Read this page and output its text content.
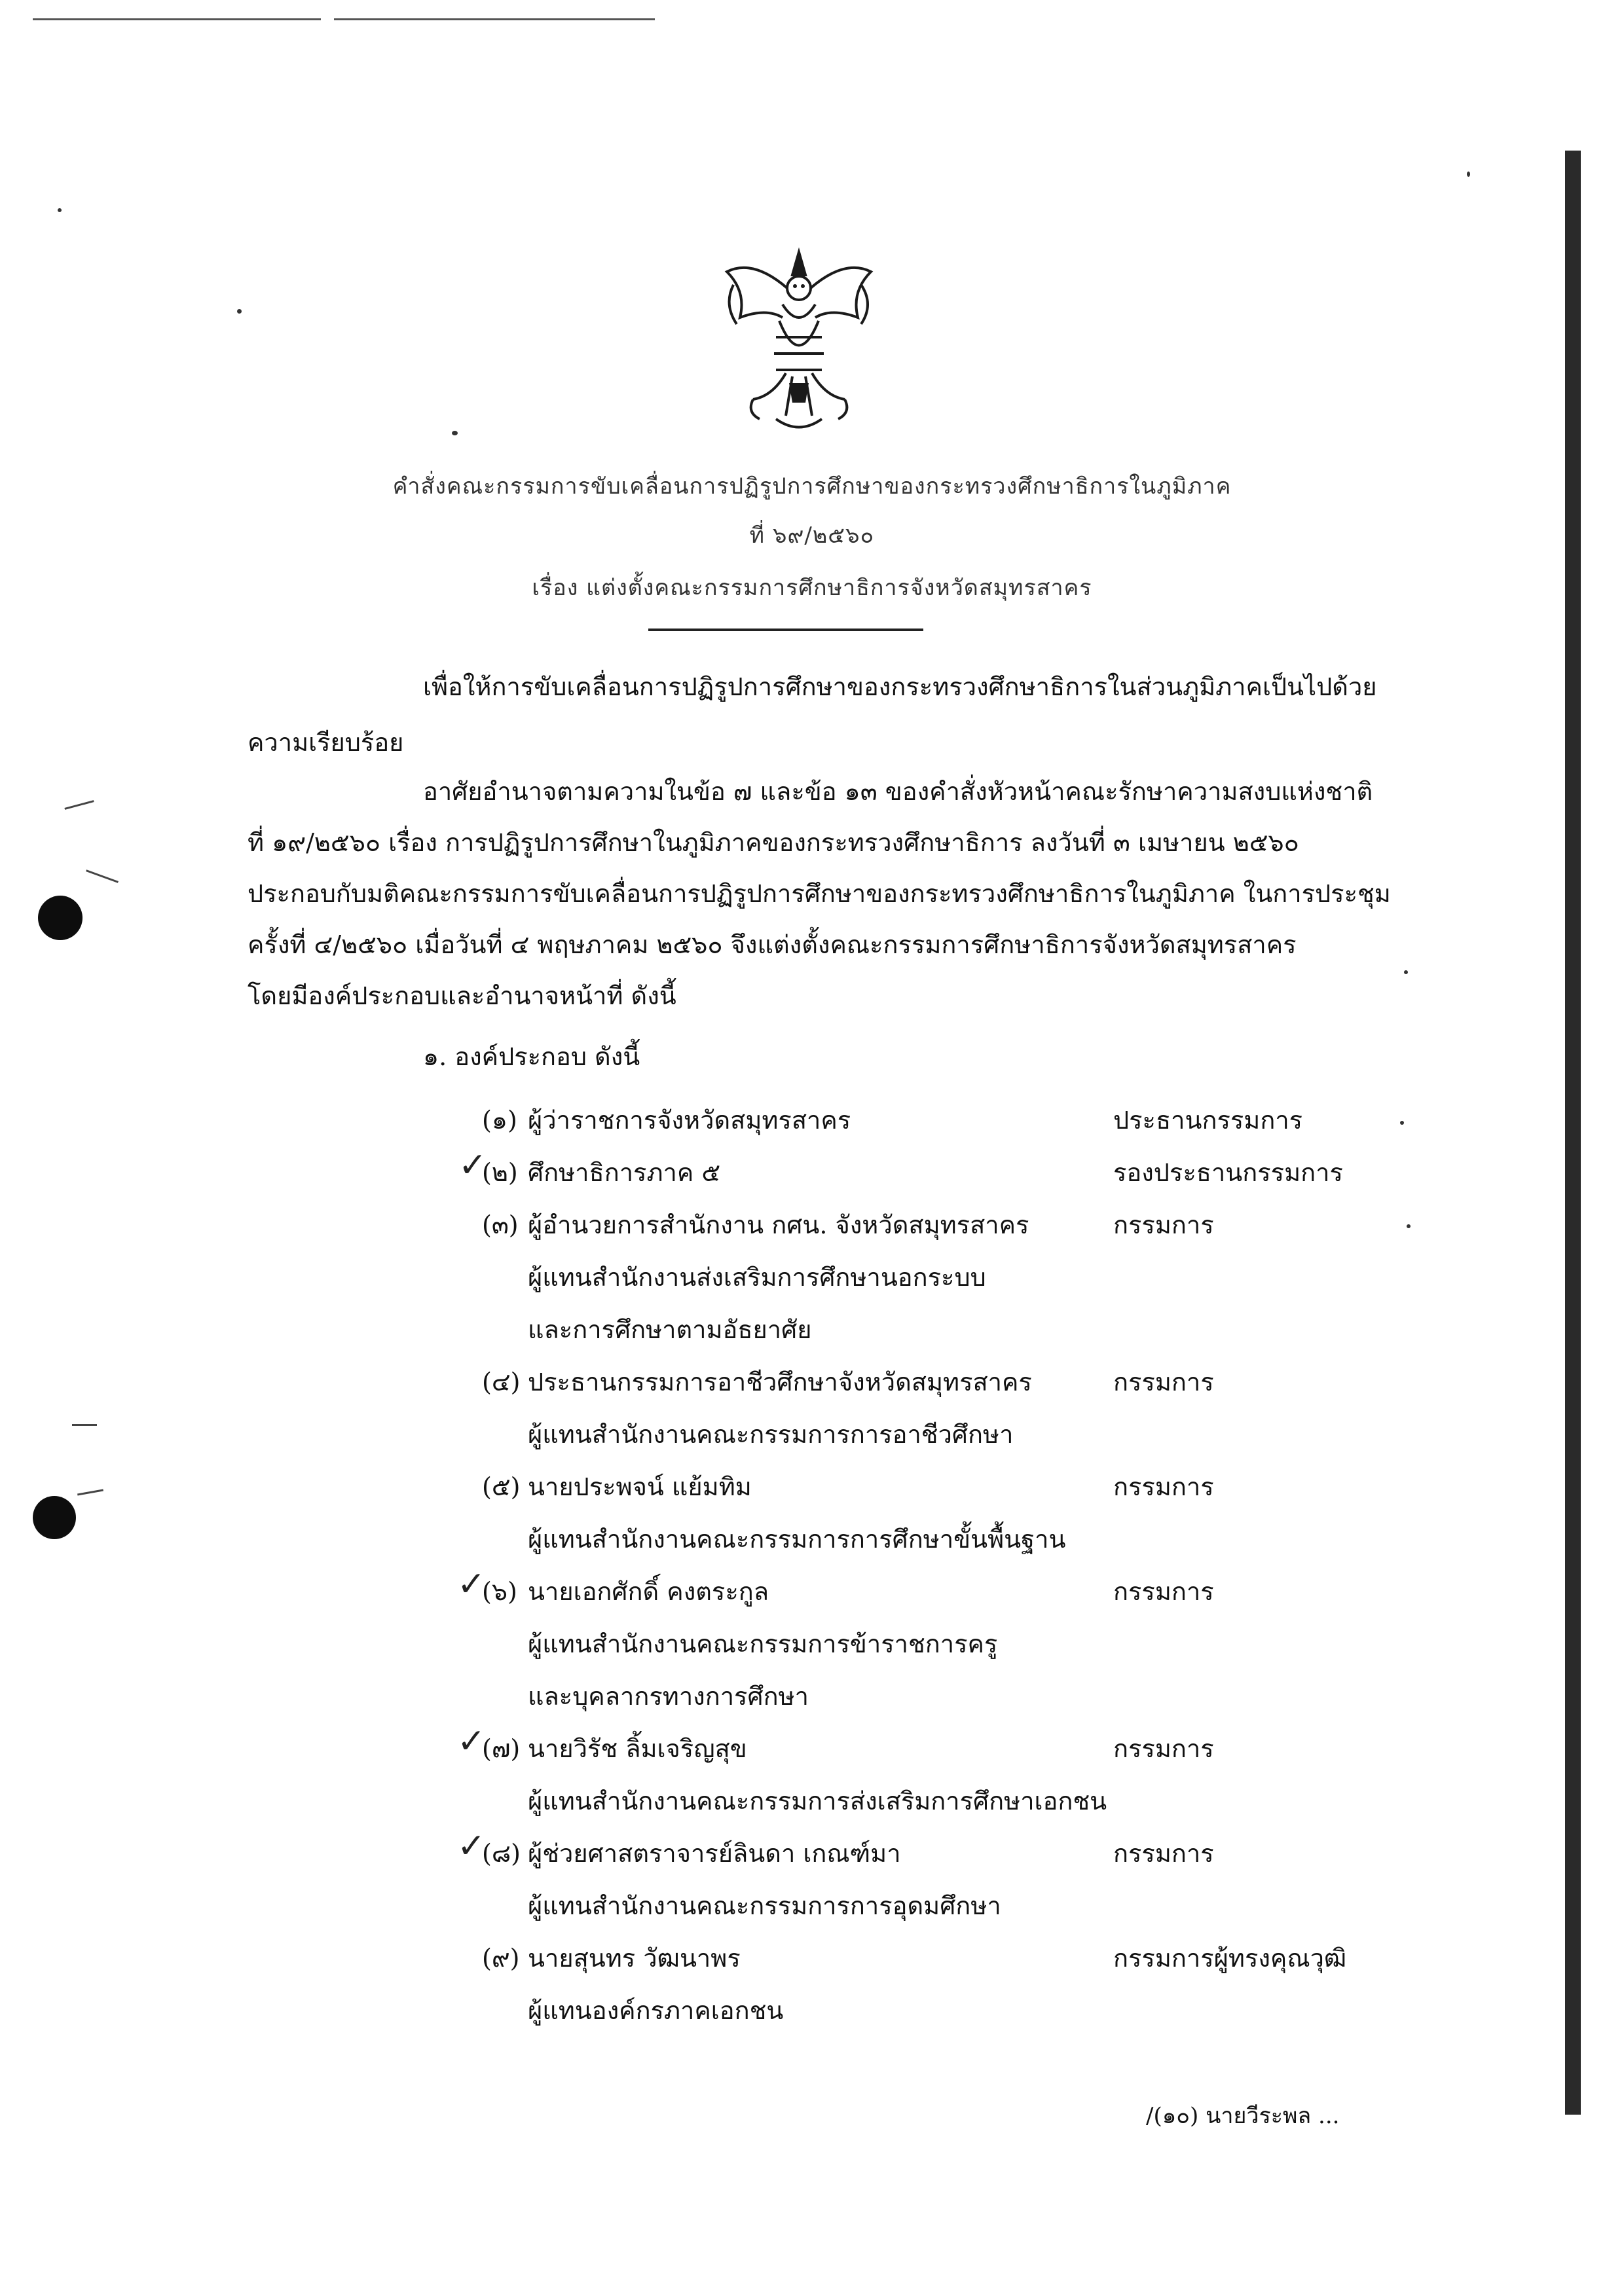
คำสั่งคณะกรรมการขับเคลื่อนการปฏิรูปการศึกษาของกระทรวงศึกษาธิการในภูมิภาค
ที่ ๖๙/๒๕๖๐
เรื่อง แต่งตั้งคณะกรรมการศึกษาธิการจังหวัดสมุทรสาคร
เพื่อให้การขับเคลื่อนการปฏิรูปการศึกษาของกระทรวงศึกษาธิการในส่วนภูมิภาคเป็นไปด้วย
ความเรียบร้อย
อาศัยอำนาจตามความในข้อ ๗ และข้อ ๑๓ ของคำสั่งหัวหน้าคณะรักษาความสงบแห่งชาติ
ที่ ๑๙/๒๕๖๐ เรื่อง การปฏิรูปการศึกษาในภูมิภาคของกระทรวงศึกษาธิการ ลงวันที่ ๓ เมษายน ๒๕๖๐
ประกอบกับมติคณะกรรมการขับเคลื่อนการปฏิรูปการศึกษาของกระทรวงศึกษาธิการในภูมิภาค ในการประชุม
ครั้งที่ ๔/๒๕๖๐ เมื่อวันที่ ๔ พฤษภาคม ๒๕๖๐ จึงแต่งตั้งคณะกรรมการศึกษาธิการจังหวัดสมุทรสาคร
โดยมีองค์ประกอบและอำนาจหน้าที่ ดังนี้
๑. องค์ประกอบ ดังนี้
(๑) ผู้ว่าราชการจังหวัดสมุทรสาคร	ประธานกรรมการ
✓
(๒) ศึกษาธิการภาค ๕	รองประธานกรรมการ
(๓) ผู้อำนวยการสำนักงาน กศน. จังหวัดสมุทรสาคร	กรรมการ
ผู้แทนสำนักงานส่งเสริมการศึกษานอกระบบ
และการศึกษาตามอัธยาศัย
(๔) ประธานกรรมการอาชีวศึกษาจังหวัดสมุทรสาคร	กรรมการ
ผู้แทนสำนักงานคณะกรรมการการอาชีวศึกษา
(๕) นายประพจน์ แย้มทิม	กรรมการ
ผู้แทนสำนักงานคณะกรรมการการศึกษาขั้นพื้นฐาน
✓
(๖) นายเอกศักดิ์ คงตระกูล	กรรมการ
ผู้แทนสำนักงานคณะกรรมการข้าราชการครู
และบุคลากรทางการศึกษา
✓
(๗) นายวิรัช ลิ้มเจริญสุข	กรรมการ
ผู้แทนสำนักงานคณะกรรมการส่งเสริมการศึกษาเอกชน
✓
(๘) ผู้ช่วยศาสตราจารย์ลินดา เกณฑ์มา	กรรมการ
ผู้แทนสำนักงานคณะกรรมการการอุดมศึกษา
(๙) นายสุนทร วัฒนาพร	กรรมการผู้ทรงคุณวุฒิ
ผู้แทนองค์กรภาคเอกชน
/(๑๐) นายวีระพล ...
